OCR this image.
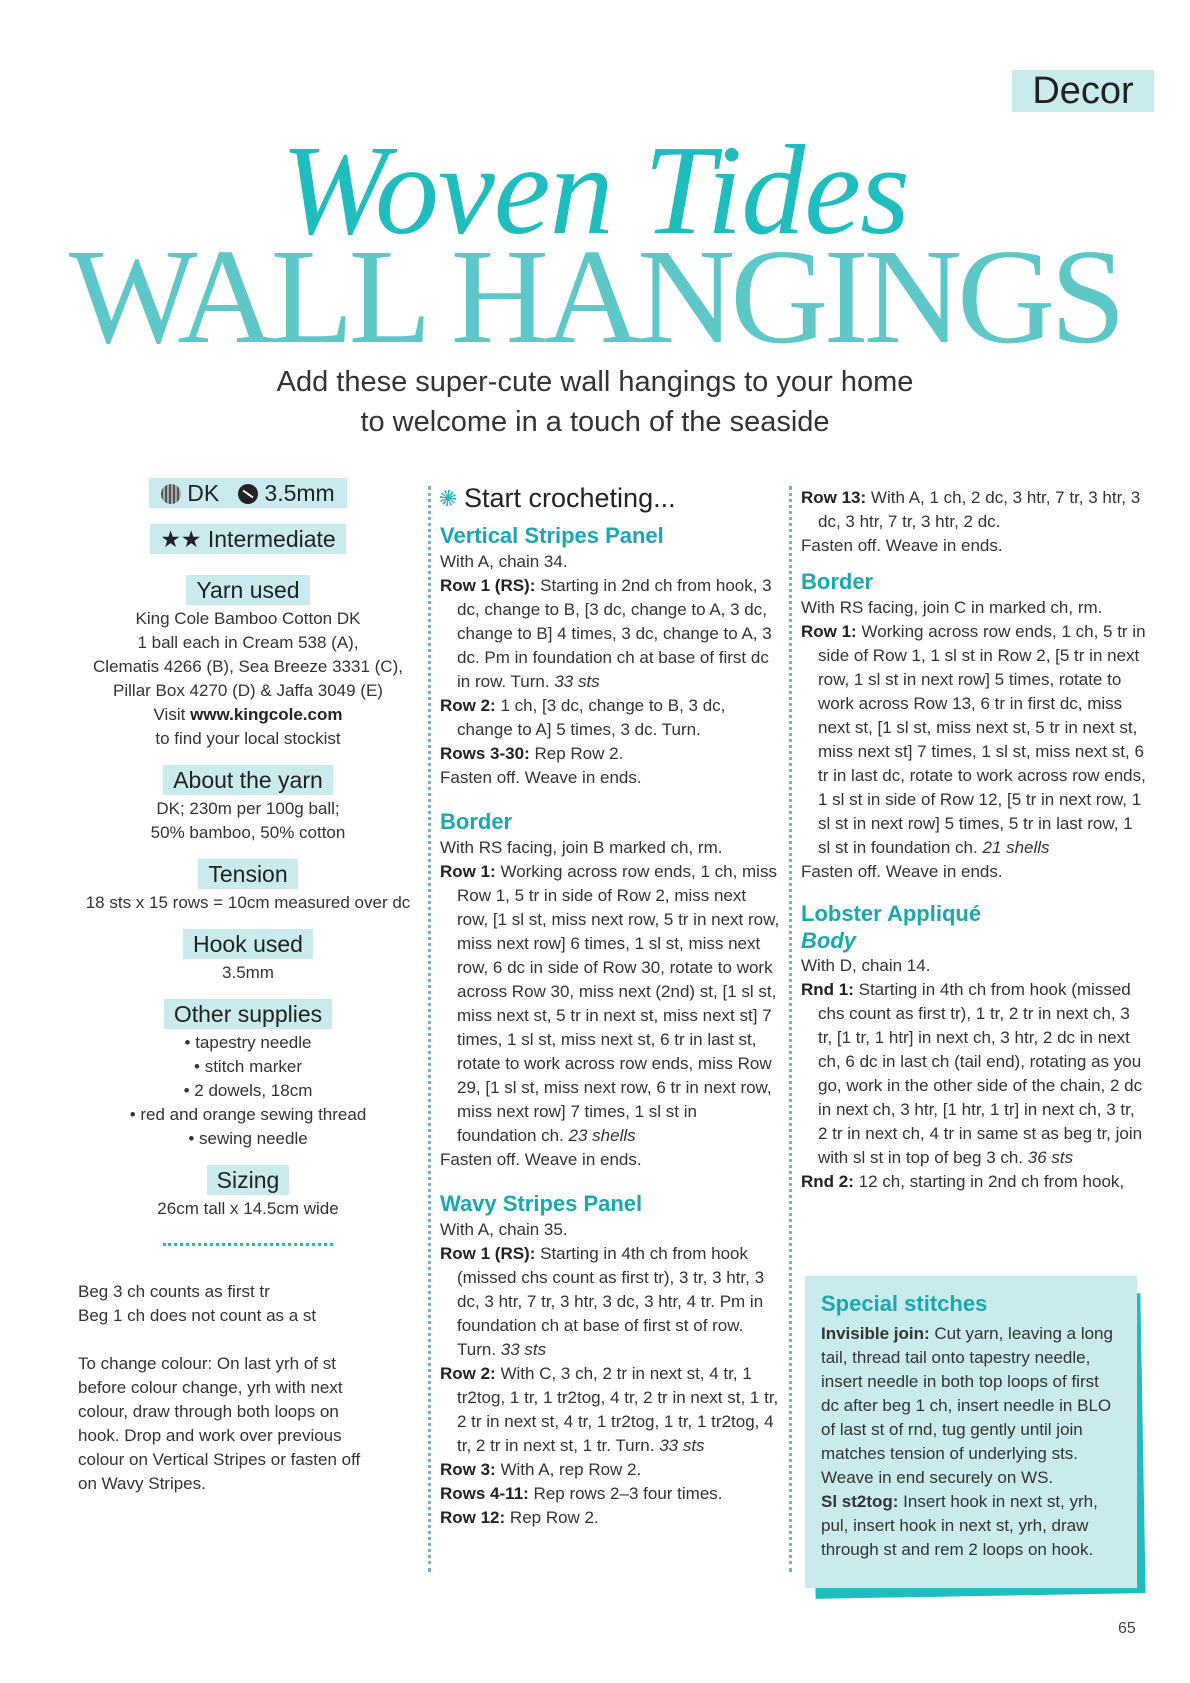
Decor
Woven Tides
WALL HANGINGS
Add these super-cute wall hangings to your home
to welcome in a touch of the seaside
DK 3.5mm
★★ Intermediate
Yarn used
King Cole Bamboo Cotton DK
1 ball each in Cream 538 (A),
Clematis 4266 (B), Sea Breeze 3331 (C),
Pillar Box 4270 (D) & Jaffa 3049 (E)
Visit www.kingcole.com
to find your local stockist
About the yarn
DK; 230m per 100g ball;
50% bamboo, 50% cotton
Tension
18 sts x 15 rows = 10cm measured over dc
Hook used
3.5mm
Other supplies
• tapestry needle
• stitch marker
• 2 dowels, 18cm
• red and orange sewing thread
• sewing needle
Sizing
26cm tall x 14.5cm wide
Beg 3 ch counts as first tr
Beg 1 ch does not count as a st
To change colour: On last yrh of st before colour change, yrh with next colour, draw through both loops on hook. Drop and work over previous colour on Vertical Stripes or fasten off on Wavy Stripes.
Start crocheting...
Vertical Stripes Panel
With A, chain 34.
Row 1 (RS): Starting in 2nd ch from hook, 3 dc, change to B, [3 dc, change to A, 3 dc, change to B] 4 times, 3 dc, change to A, 3 dc. Pm in foundation ch at base of first dc in row. Turn. 33 sts
Row 2: 1 ch, [3 dc, change to B, 3 dc, change to A] 5 times, 3 dc. Turn.
Rows 3-30: Rep Row 2.
Fasten off. Weave in ends.
Border
With RS facing, join B marked ch, rm.
Row 1: Working across row ends, 1 ch, miss Row 1, 5 tr in side of Row 2, miss next row, [1 sl st, miss next row, 5 tr in next row, miss next row] 6 times, 1 sl st, miss next row, 6 dc in side of Row 30, rotate to work across Row 30, miss next (2nd) st, [1 sl st, miss next st, 5 tr in next st, miss next st] 7 times, 1 sl st, miss next st, 6 tr in last st, rotate to work across row ends, miss Row 29, [1 sl st, miss next row, 6 tr in next row, miss next row] 7 times, 1 sl st in foundation ch. 23 shells
Fasten off. Weave in ends.
Wavy Stripes Panel
With A, chain 35.
Row 1 (RS): Starting in 4th ch from hook (missed chs count as first tr), 3 tr, 3 htr, 3 dc, 3 htr, 7 tr, 3 htr, 3 dc, 3 htr, 4 tr. Pm in foundation ch at base of first st of row. Turn. 33 sts
Row 2: With C, 3 ch, 2 tr in next st, 4 tr, 1 tr2tog, 1 tr, 1 tr2tog, 4 tr, 2 tr in next st, 1 tr, 2 tr in next st, 4 tr, 1 tr2tog, 1 tr, 1 tr2tog, 4 tr, 2 tr in next st, 1 tr. Turn. 33 sts
Row 3: With A, rep Row 2.
Rows 4-11: Rep rows 2–3 four times.
Row 12: Rep Row 2.
Row 13: With A, 1 ch, 2 dc, 3 htr, 7 tr, 3 htr, 3 dc, 3 htr, 7 tr, 3 htr, 2 dc.
Fasten off. Weave in ends.
Border
With RS facing, join C in marked ch, rm.
Row 1: Working across row ends, 1 ch, 5 tr in side of Row 1, 1 sl st in Row 2, [5 tr in next row, 1 sl st in next row] 5 times, rotate to work across Row 13, 6 tr in first dc, miss next st, [1 sl st, miss next st, 5 tr in next st, miss next st] 7 times, 1 sl st, miss next st, 6 tr in last dc, rotate to work across row ends, 1 sl st in side of Row 12, [5 tr in next row, 1 sl st in next row] 5 times, 5 tr in last row, 1 sl st in foundation ch. 21 shells
Fasten off. Weave in ends.
Lobster Appliqué
Body
With D, chain 14.
Rnd 1: Starting in 4th ch from hook (missed chs count as first tr), 1 tr, 2 tr in next ch, 3 tr, [1 tr, 1 htr] in next ch, 3 htr, 2 dc in next ch, 6 dc in last ch (tail end), rotating as you go, work in the other side of the chain, 2 dc in next ch, 3 htr, [1 htr, 1 tr] in next ch, 3 tr, 2 tr in next ch, 4 tr in same st as beg tr, join with sl st in top of beg 3 ch. 36 sts
Rnd 2: 12 ch, starting in 2nd ch from hook,
Special stitches
Invisible join: Cut yarn, leaving a long tail, thread tail onto tapestry needle, insert needle in both top loops of first dc after beg 1 ch, insert needle in BLO of last st of rnd, tug gently until join matches tension of underlying sts. Weave in end securely on WS.
Sl st2tog: Insert hook in next st, yrh, pul, insert hook in next st, yrh, draw through st and rem 2 loops on hook.
65
